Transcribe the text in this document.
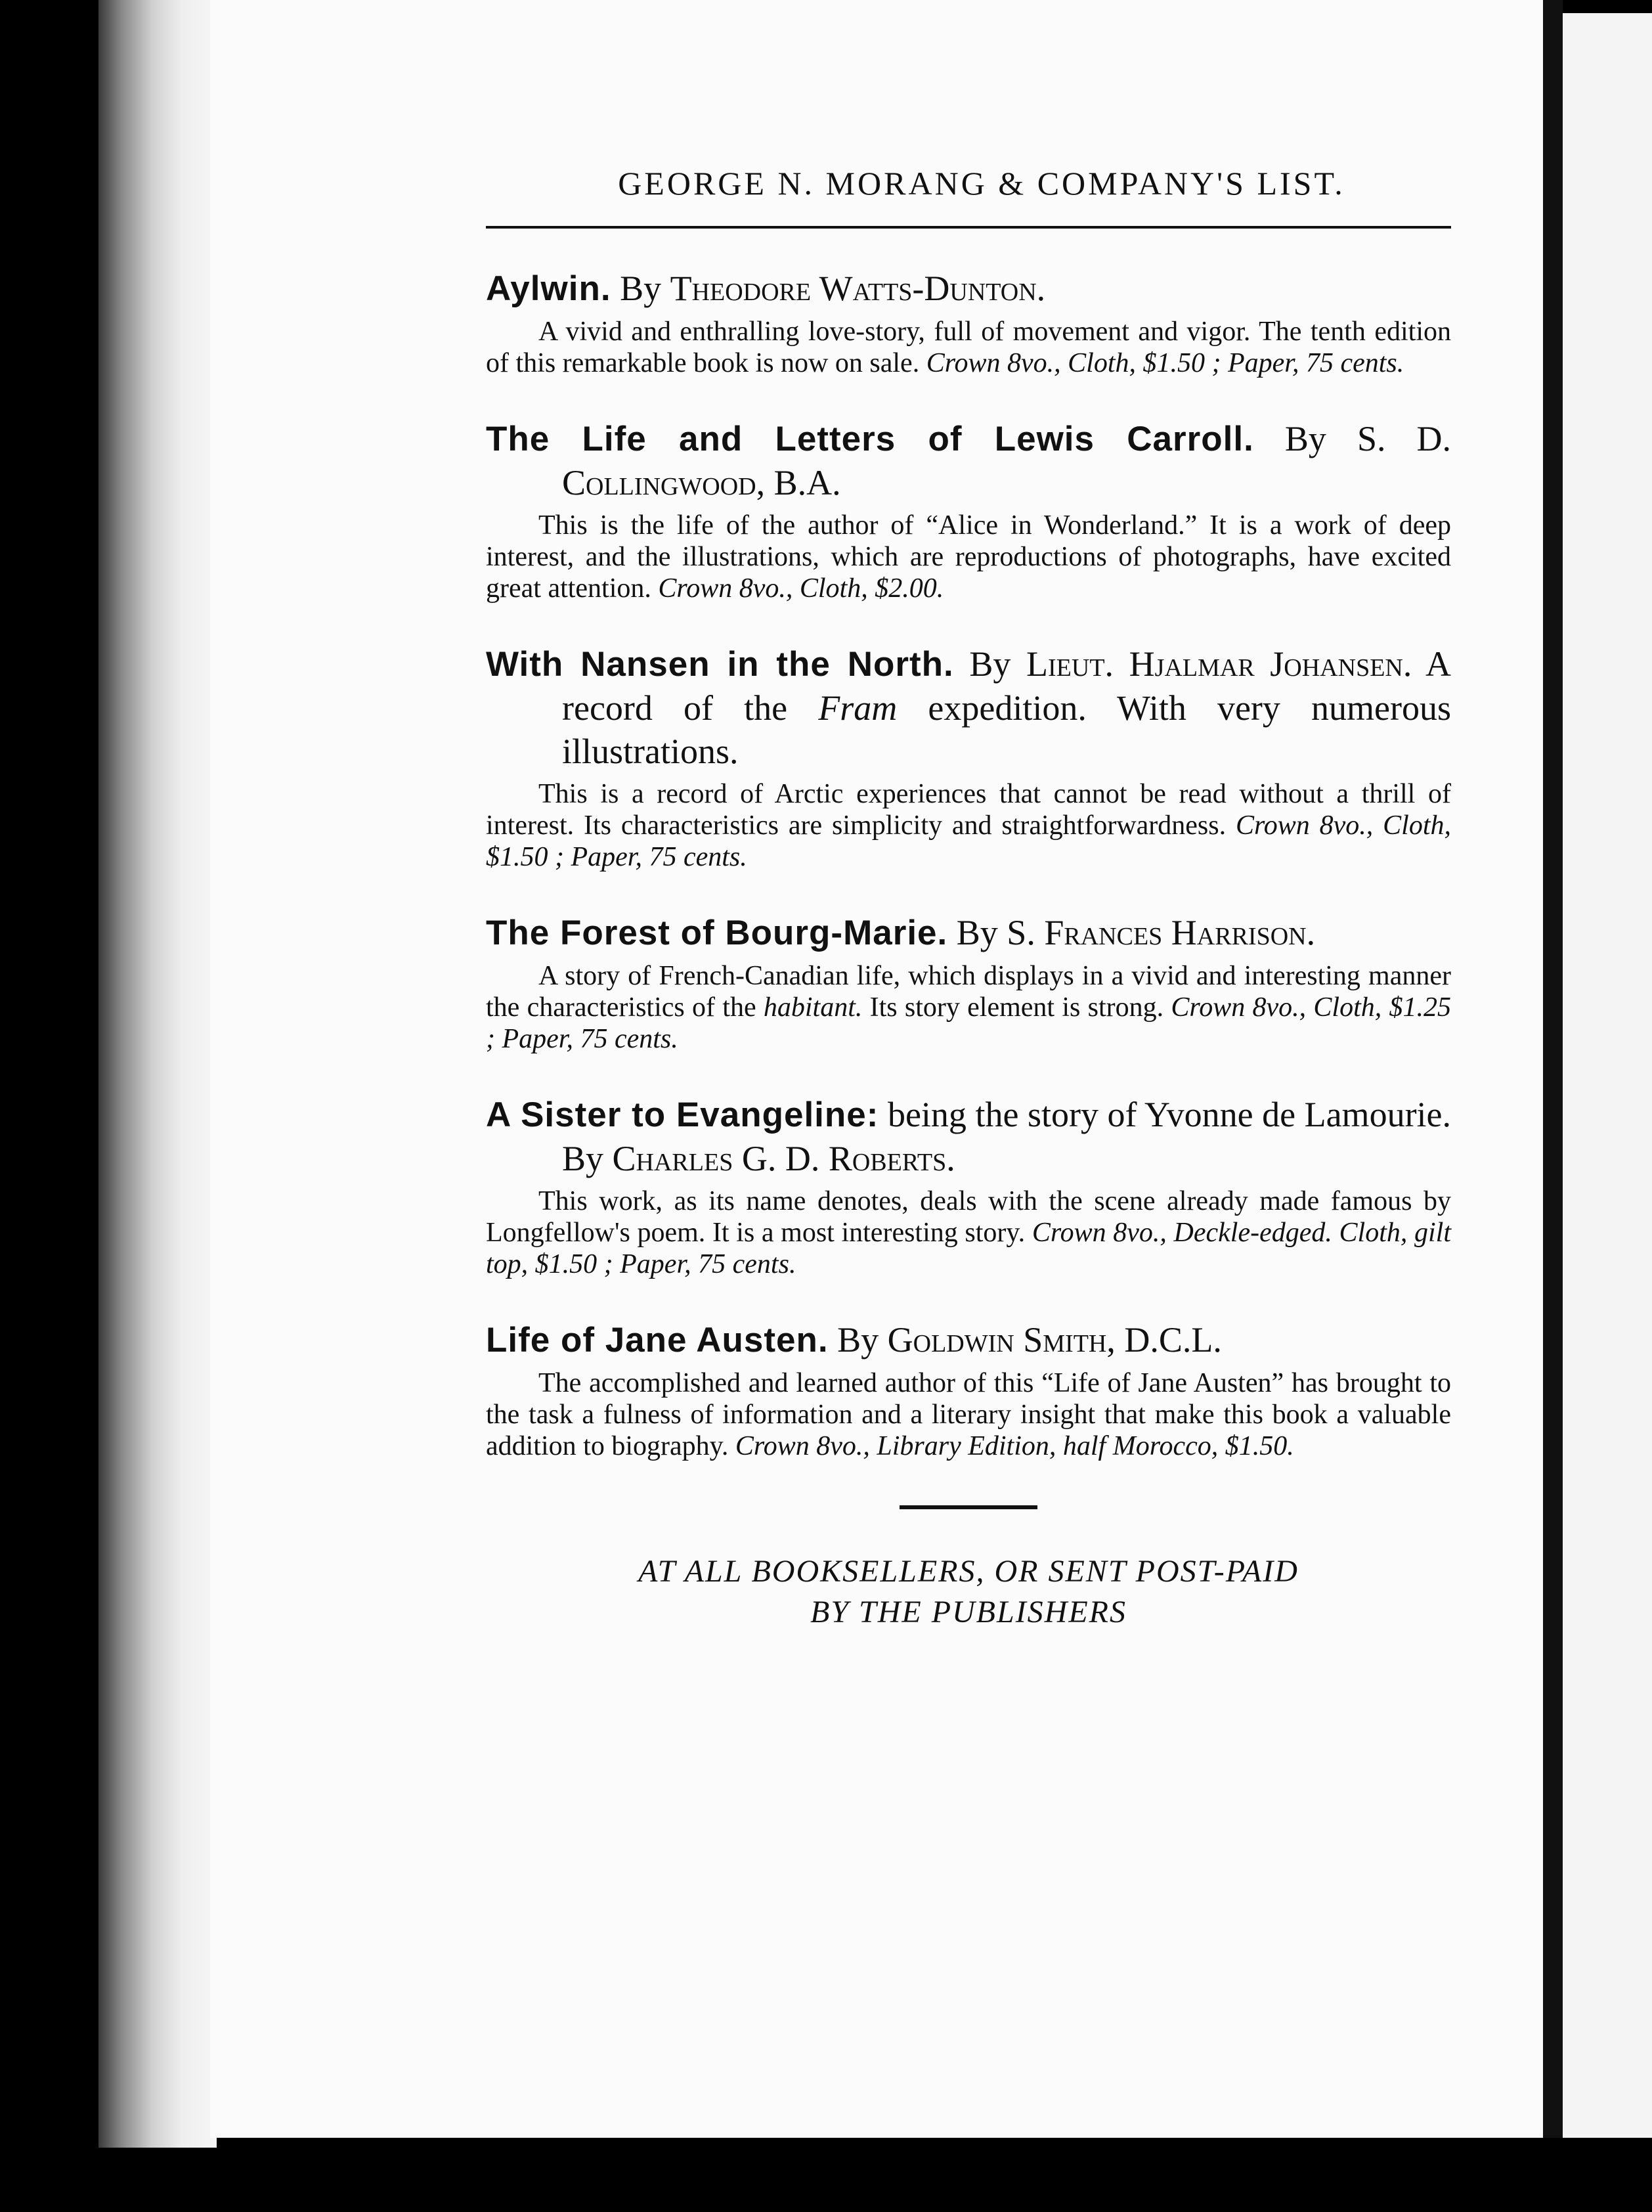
GEORGE N. MORANG & COMPANY'S LIST.
Aylwin. By Theodore Watts-Dunton.
A vivid and enthralling love-story, full of movement and vigor. The tenth edition of this remarkable book is now on sale. Crown 8vo., Cloth, $1.50 ; Paper, 75 cents.
The Life and Letters of Lewis Carroll. By S. D. Collingwood, B.A.
This is the life of the author of “Alice in Wonderland.” It is a work of deep interest, and the illustrations, which are reproductions of photographs, have excited great attention. Crown 8vo., Cloth, $2.00.
With Nansen in the North. By Lieut. Hjalmar Johansen. A record of the Fram expedition. With very numerous illustrations.
This is a record of Arctic experiences that cannot be read without a thrill of interest. Its characteristics are simplicity and straightforwardness. Crown 8vo., Cloth, $1.50 ; Paper, 75 cents.
The Forest of Bourg-Marie. By S. Frances Harrison.
A story of French-Canadian life, which displays in a vivid and interesting manner the characteristics of the habitant. Its story element is strong. Crown 8vo., Cloth, $1.25 ; Paper, 75 cents.
A Sister to Evangeline: being the story of Yvonne de Lamourie. By Charles G. D. Roberts.
This work, as its name denotes, deals with the scene already made famous by Longfellow's poem. It is a most interesting story. Crown 8vo., Deckle-edged. Cloth, gilt top, $1.50 ; Paper, 75 cents.
Life of Jane Austen. By Goldwin Smith, D.C.L.
The accomplished and learned author of this “Life of Jane Austen” has brought to the task a fulness of information and a literary insight that make this book a valuable addition to biography. Crown 8vo., Library Edition, half Morocco, $1.50.
AT ALL BOOKSELLERS, OR SENT POST-PAID
BY THE PUBLISHERS
